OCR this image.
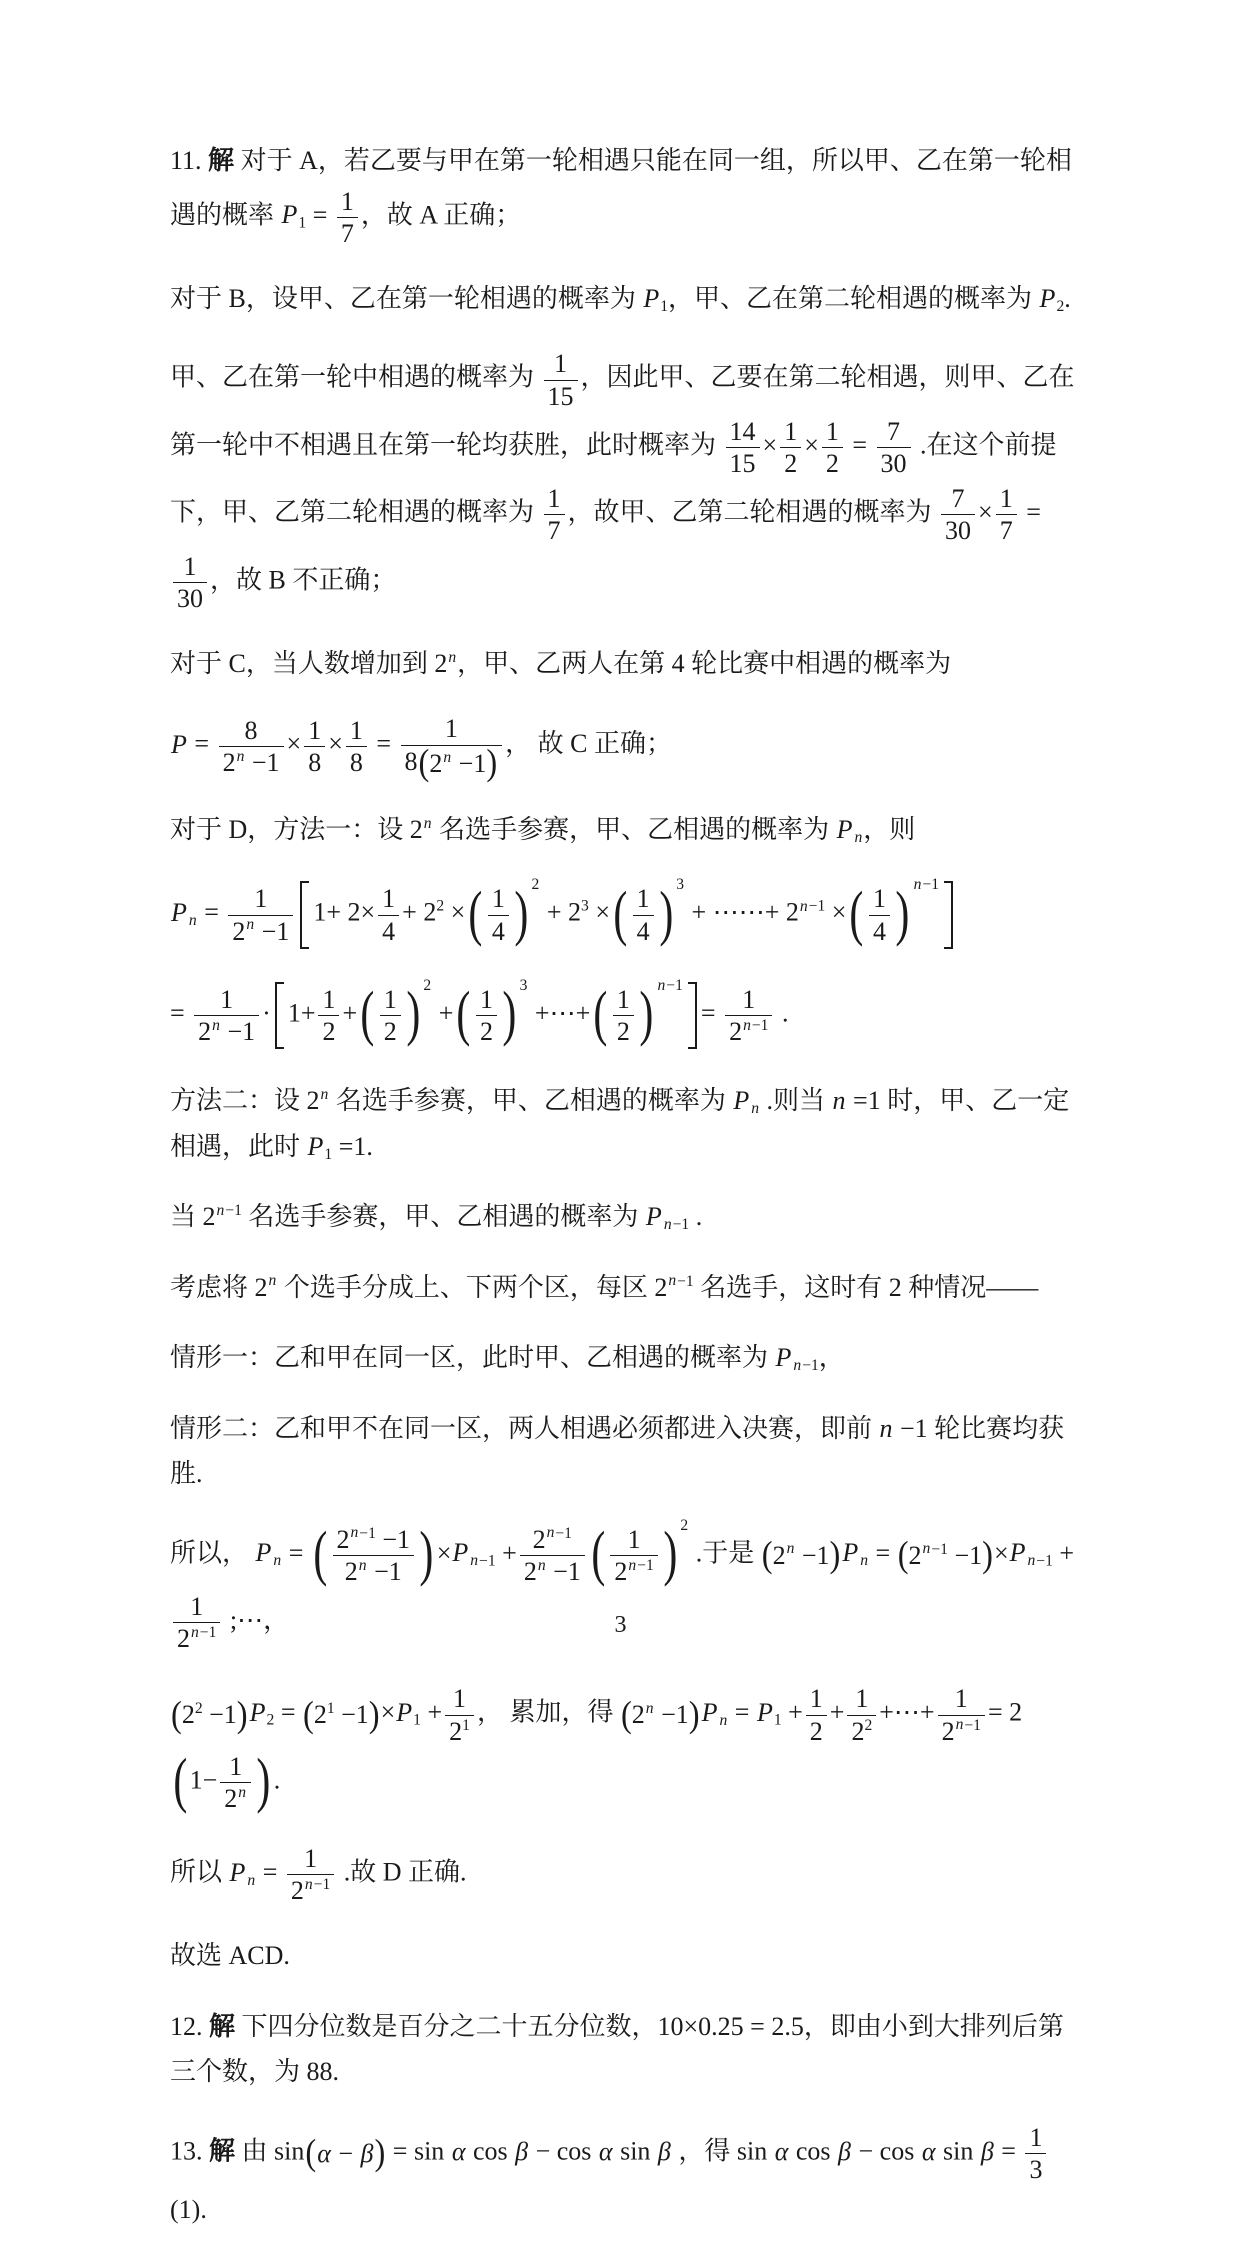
11. 解 对于 A，若乙要与甲在第一轮相遇只能在同一组，所以甲、乙在第一轮相遇的概率 $P_1 = \frac{1}{7}$ ，故 A 正确；
对于 B，设甲、乙在第一轮相遇的概率为 $P_1$，甲、乙在第二轮相遇的概率为 $P_2$.
甲、乙在第一轮中相遇的概率为 $\frac{1}{15}$ ，因此甲、乙要在第二轮相遇，则甲、乙在第一轮中不相遇且在第一轮均获胜，此时概率为 $\frac{14}{15} \times \frac{1}{2} \times \frac{1}{2} = \frac{7}{30}$ .在这个前提下，甲、乙第二轮相遇的概率为 $\frac{1}{7}$ ，故甲、乙第二轮相遇的概率为 $\frac{7}{30} \times \frac{1}{7}$ =
$\frac{1}{30}$ ，故 B 不正确；
对于 C，当人数增加到 2$^n$，甲、乙两人在第 4 轮比赛中相遇的概率为
$P = \frac{8}{2^n -1} \times \frac{1}{8} \times \frac{1}{8} = \frac{1}{8 ( 2^n -1 )}$ ， 故 C 正确；
对于 D，方法一：设 2$^n$ 名选手参赛，甲、乙相遇的概率为 P $_n$，则
P $_n = \frac{1}{2^n -1} 1+ 2\times \frac{1}{4} + 2^2$ × ( $\frac{1}{4}$ ) $^2$
+ $2^3$ × ( $\frac{1}{4}$ ) $^3$
+ ⋯⋯+ $2^{n-1}$ × ( $\frac{1}{4}$ ) $^{n-1}$
= $\frac{1}{2^n -1} \cdot 1+ \frac{1}{2}$ + ( $\frac{1}{2}$ ) $^2$
+ ( $\frac{1}{2}$ ) $^3$
+⋯+ ( $\frac{1}{2}$ ) $^{n-1}$
= $\frac{1}{2^{n-1}}$ .
方法二：设 2$^n$ 名选手参赛，甲、乙相遇的概率为 P $_n$ .则当 n =1 时，甲、乙一定相遇，此时 $P_1 =1$.
当 $2^{n-1}$ 名选手参赛，甲、乙相遇的概率为 P $_{n-1}$ .
考虑将 2$^n$ 个选手分成上、下两个区，每区 $2^{n-1}$ 名选手，这时有 2 种情况——
情形一：乙和甲在同一区，此时甲、乙相遇的概率为 P $_{n-1}$，
情形二：乙和甲不在同一区，两人相遇必须都进入决赛，即前 n −1 轮比赛均获胜.
所以， P $_n$ = ( $\frac{2^{n-1} -1}{2^n -1}$ ) ×P $_{n-1} + \frac{2^{n-1}}{2^n -1}$ ( $\frac{1}{2^{n-1}}$ ) $^2$
.于是 ( $2^n -1$ ) P $_n$ = ( $2^{n-1} -1$ ) ×P $_{n-1}$ +
$\frac{1}{2^{n-1}}$ ;⋯，
( $2^2 -1$ ) $P_2$ = ( $2^1 -1$ ) $\times P_1 + \frac{1}{2^1}$ ， 累加，得 ( $2^n -1$ ) P $_n = P_1 + \frac{1}{2} + \frac{1}{2^2}$ +⋯+ $\frac{1}{2^{n-1}} = 2$
( $1- \frac{1}{2^n}$ ) .
所以 P $_n = \frac{1}{2^{n-1}}$ .故 D 正确.
故选 ACD.
12. 解 下四分位数是百分之二十五分位数，10×0.25 = 2.5，即由小到大排列后第三个数，为 88.
13. 解 由 sin ( α − β ) = sin α cos β − cos α sin β ，得 sin α cos β − cos α $\sin \beta = \frac{1}{3}$
(1).
3
